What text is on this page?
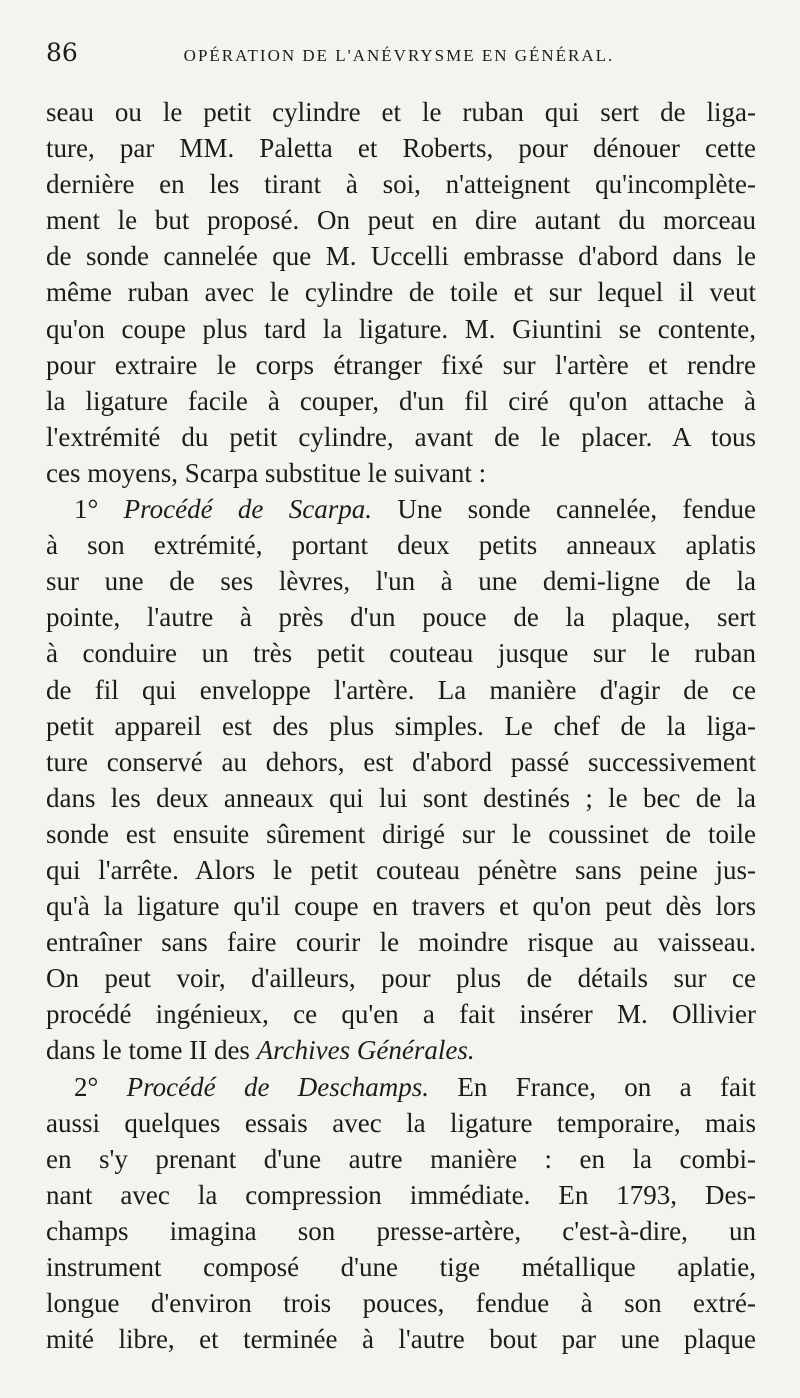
86	OPÉRATION DE L'ANÉVRYSME EN GÉNÉRAL.
seau ou le petit cylindre et le ruban qui sert de liga-
ture, par MM. Paletta et Roberts, pour dénouer cette
dernière en les tirant à soi, n'atteignent qu'incomplète-
ment le but proposé. On peut en dire autant du morceau
de sonde cannelée que M. Uccelli embrasse d'abord dans le
même ruban avec le cylindre de toile et sur lequel il veut
qu'on coupe plus tard la ligature. M. Giuntini se contente,
pour extraire le corps étranger fixé sur l'artère et rendre
la ligature facile à couper, d'un fil ciré qu'on attache à
l'extrémité du petit cylindre, avant de le placer. A tous
ces moyens, Scarpa substitue le suivant :
1° Procédé de Scarpa. Une sonde cannelée, fendue
à son extrémité, portant deux petits anneaux aplatis
sur une de ses lèvres, l'un à une demi-ligne de la
pointe, l'autre à près d'un pouce de la plaque, sert
à conduire un très petit couteau jusque sur le ruban
de fil qui enveloppe l'artère. La manière d'agir de ce
petit appareil est des plus simples. Le chef de la liga-
ture conservé au dehors, est d'abord passé successivement
dans les deux anneaux qui lui sont destinés ; le bec de la
sonde est ensuite sûrement dirigé sur le coussinet de toile
qui l'arrête. Alors le petit couteau pénètre sans peine jus-
qu'à la ligature qu'il coupe en travers et qu'on peut dès lors
entraîner sans faire courir le moindre risque au vaisseau.
On peut voir, d'ailleurs, pour plus de détails sur ce
procédé ingénieux, ce qu'en a fait insérer M. Ollivier
dans le tome II des Archives Générales.
2° Procédé de Deschamps. En France, on a fait
aussi quelques essais avec la ligature temporaire, mais
en s'y prenant d'une autre manière : en la combi-
nant avec la compression immédiate. En 1793, Des-
champs imagina son presse-artère, c'est-à-dire, un
instrument composé d'une tige métallique aplatie,
longue d'environ trois pouces, fendue à son extré-
mité libre, et terminée à l'autre bout par une plaque
